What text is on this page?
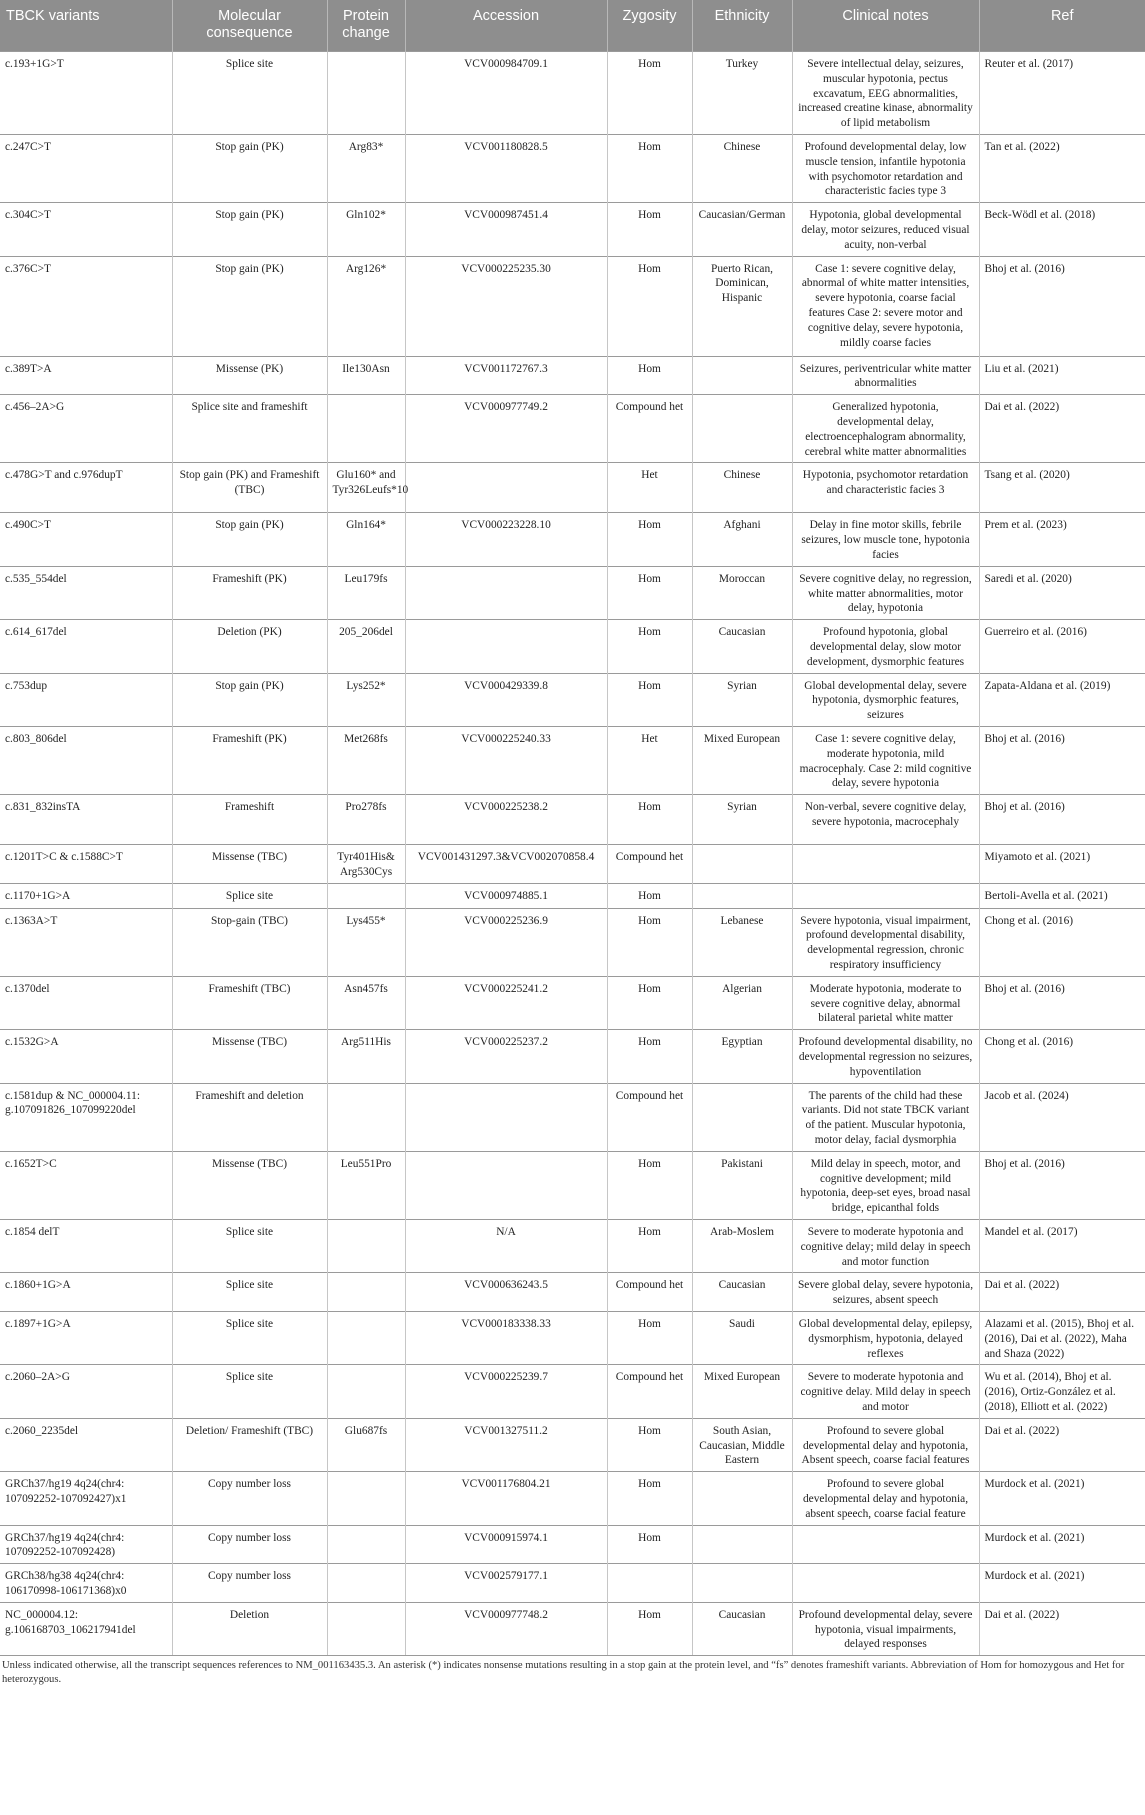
TBCK variants	Molecular consequence	Protein change	Accession	Zygosity	Ethnicity	Clinical notes	Ref
c.193+1G>T	Splice site		VCV000984709.1	Hom	Turkey	Severe intellectual delay, seizures, muscular hypotonia, pectus excavatum, EEG abnormalities, increased creatine kinase, abnormality of lipid metabolism	Reuter et al. (2017)
c.247C>T	Stop gain (PK)	Arg83*	VCV001180828.5	Hom	Chinese	Profound developmental delay, low muscle tension, infantile hypotonia with psychomotor retardation and characteristic facies type 3	Tan et al. (2022)
c.304C>T	Stop gain (PK)	Gln102*	VCV000987451.4	Hom	Caucasian/German	Hypotonia, global developmental delay, motor seizures, reduced visual acuity, non-verbal	Beck-Wödl et al. (2018)
c.376C>T	Stop gain (PK)	Arg126*	VCV000225235.30	Hom	Puerto Rican, Dominican, Hispanic	Case 1: severe cognitive delay, abnormal of white matter intensities, severe hypotonia, coarse facial features Case 2: severe motor and cognitive delay, severe hypotonia, mildly coarse facies	Bhoj et al. (2016)
c.389T>A	Missense (PK)	Ile130Asn	VCV001172767.3	Hom		Seizures, periventricular white matter abnormalities	Liu et al. (2021)
c.456–2A>G	Splice site and frameshift		VCV000977749.2	Compound het		Generalized hypotonia, developmental delay, electroencephalogram abnormality, cerebral white matter abnormalities	Dai et al. (2022)
c.478G>T and c.976dupT	Stop gain (PK) and Frameshift (TBC)	Glu160* and Tyr326Leufs*10		Het	Chinese	Hypotonia, psychomotor retardation and characteristic facies 3	Tsang et al. (2020)
c.490C>T	Stop gain (PK)	Gln164*	VCV000223228.10	Hom	Afghani	Delay in fine motor skills, febrile seizures, low muscle tone, hypotonia facies	Prem et al. (2023)
c.535_554del	Frameshift (PK)	Leu179fs		Hom	Moroccan	Severe cognitive delay, no regression, white matter abnormalities, motor delay, hypotonia	Saredi et al. (2020)
c.614_617del	Deletion (PK)	205_206del		Hom	Caucasian	Profound hypotonia, global developmental delay, slow motor development, dysmorphic features	Guerreiro et al. (2016)
c.753dup	Stop gain (PK)	Lys252*	VCV000429339.8	Hom	Syrian	Global developmental delay, severe hypotonia, dysmorphic features, seizures	Zapata-Aldana et al. (2019)
c.803_806del	Frameshift (PK)	Met268fs	VCV000225240.33	Het	Mixed European	Case 1: severe cognitive delay, moderate hypotonia, mild macrocephaly. Case 2: mild cognitive delay, severe hypotonia	Bhoj et al. (2016)
c.831_832insTA	Frameshift	Pro278fs	VCV000225238.2	Hom	Syrian	Non-verbal, severe cognitive delay, severe hypotonia, macrocephaly	Bhoj et al. (2016)
c.1201T>C & c.1588C>T	Missense (TBC)	Tyr401His& Arg530Cys	VCV001431297.3&VCV002070858.4	Compound het			Miyamoto et al. (2021)
c.1170+1G>A	Splice site		VCV000974885.1	Hom			Bertoli-Avella et al. (2021)
c.1363A>T	Stop-gain (TBC)	Lys455*	VCV000225236.9	Hom	Lebanese	Severe hypotonia, visual impairment, profound developmental disability, developmental regression, chronic respiratory insufficiency	Chong et al. (2016)
c.1370del	Frameshift (TBC)	Asn457fs	VCV000225241.2	Hom	Algerian	Moderate hypotonia, moderate to severe cognitive delay, abnormal bilateral parietal white matter	Bhoj et al. (2016)
c.1532G>A	Missense (TBC)	Arg511His	VCV000225237.2	Hom	Egyptian	Profound developmental disability, no developmental regression no seizures, hypoventilation	Chong et al. (2016)
c.1581dup & NC_000004.11: g.107091826_107099220del	Frameshift and deletion			Compound het		The parents of the child had these variants. Did not state TBCK variant of the patient. Muscular hypotonia, motor delay, facial dysmorphia	Jacob et al. (2024)
c.1652T>C	Missense (TBC)	Leu551Pro		Hom	Pakistani	Mild delay in speech, motor, and cognitive development; mild hypotonia, deep-set eyes, broad nasal bridge, epicanthal folds	Bhoj et al. (2016)
c.1854 delT	Splice site		N/A	Hom	Arab-Moslem	Severe to moderate hypotonia and cognitive delay; mild delay in speech and motor function	Mandel et al. (2017)
c.1860+1G>A	Splice site		VCV000636243.5	Compound het	Caucasian	Severe global delay, severe hypotonia, seizures, absent speech	Dai et al. (2022)
c.1897+1G>A	Splice site		VCV000183338.33	Hom	Saudi	Global developmental delay, epilepsy, dysmorphism, hypotonia, delayed reflexes	Alazami et al. (2015), Bhoj et al. (2016), Dai et al. (2022), Maha and Shaza (2022)
c.2060–2A>G	Splice site		VCV000225239.7	Compound het	Mixed European	Severe to moderate hypotonia and cognitive delay. Mild delay in speech and motor	Wu et al. (2014), Bhoj et al. (2016), Ortiz-González et al. (2018), Elliott et al. (2022)
c.2060_2235del	Deletion/ Frameshift (TBC)	Glu687fs	VCV001327511.2	Hom	South Asian, Caucasian, Middle Eastern	Profound to severe global developmental delay and hypotonia, Absent speech, coarse facial features	Dai et al. (2022)
GRCh37/hg19 4q24(chr4: 107092252-107092427)x1	Copy number loss		VCV001176804.21	Hom		Profound to severe global developmental delay and hypotonia, absent speech, coarse facial feature	Murdock et al. (2021)
GRCh37/hg19 4q24(chr4: 107092252-107092428)	Copy number loss		VCV000915974.1	Hom			Murdock et al. (2021)
GRCh38/hg38 4q24(chr4: 106170998-106171368)x0	Copy number loss		VCV002579177.1				Murdock et al. (2021)
NC_000004.12: g.106168703_106217941del	Deletion		VCV000977748.2	Hom	Caucasian	Profound developmental delay, severe hypotonia, visual impairments, delayed responses	Dai et al. (2022)
Unless indicated otherwise, all the transcript sequences references to NM_001163435.3. An asterisk (*) indicates nonsense mutations resulting in a stop gain at the protein level, and “fs” denotes frameshift variants. Abbreviation of Hom for homozygous and Het for heterozygous.
